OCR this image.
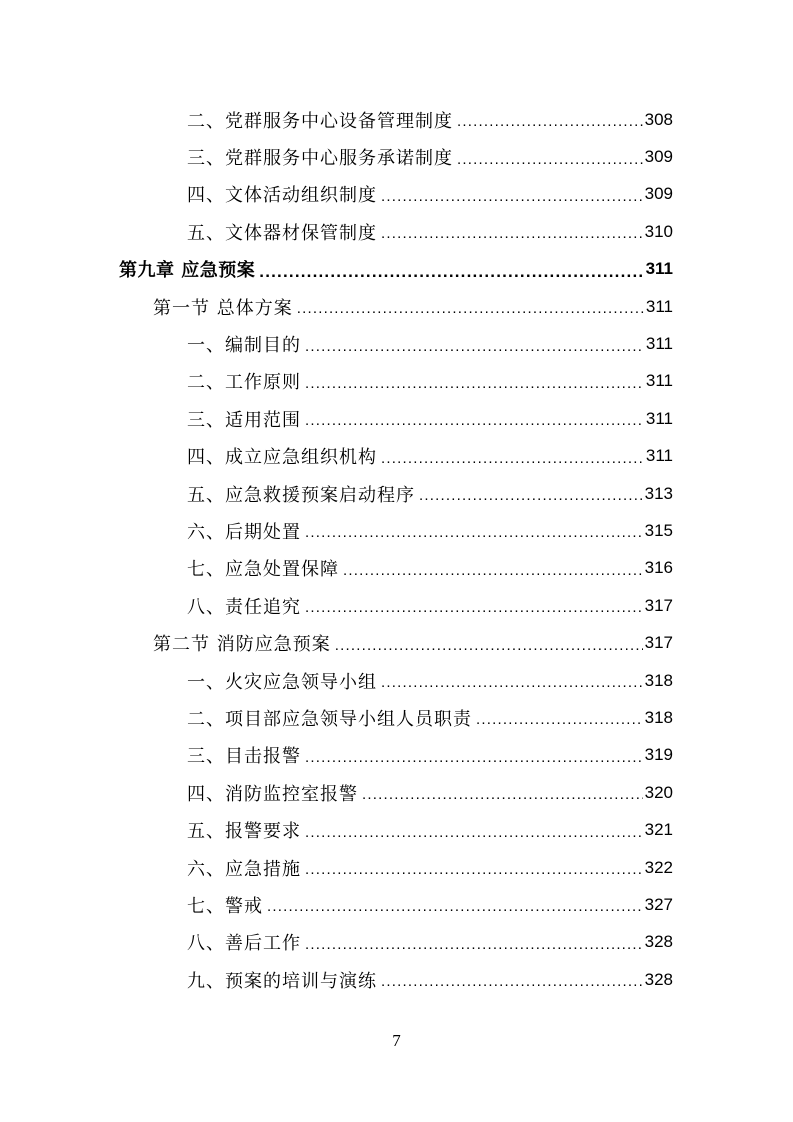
二、党群服务中心设备管理制度 .....	308
三、党群服务中心服务承诺制度 .....	309
四、文体活动组织制度 .....	309
五、文体器材保管制度 .....	310
第九章 应急预案 .....	311
第一节 总体方案 .....	311
一、编制目的 .....	311
二、工作原则 .....	311
三、适用范围 .....	311
四、成立应急组织机构 .....	311
五、应急救援预案启动程序 .....	313
六、后期处置 .....	315
七、应急处置保障 .....	316
八、责任追究 .....	317
第二节 消防应急预案 .....	317
一、火灾应急领导小组 .....	318
二、项目部应急领导小组人员职责 .....	318
三、目击报警 .....	319
四、消防监控室报警 .....	320
五、报警要求 .....	321
六、应急措施 .....	322
七、警戒 .....	327
八、善后工作 .....	328
九、预案的培训与演练 .....	328
7
